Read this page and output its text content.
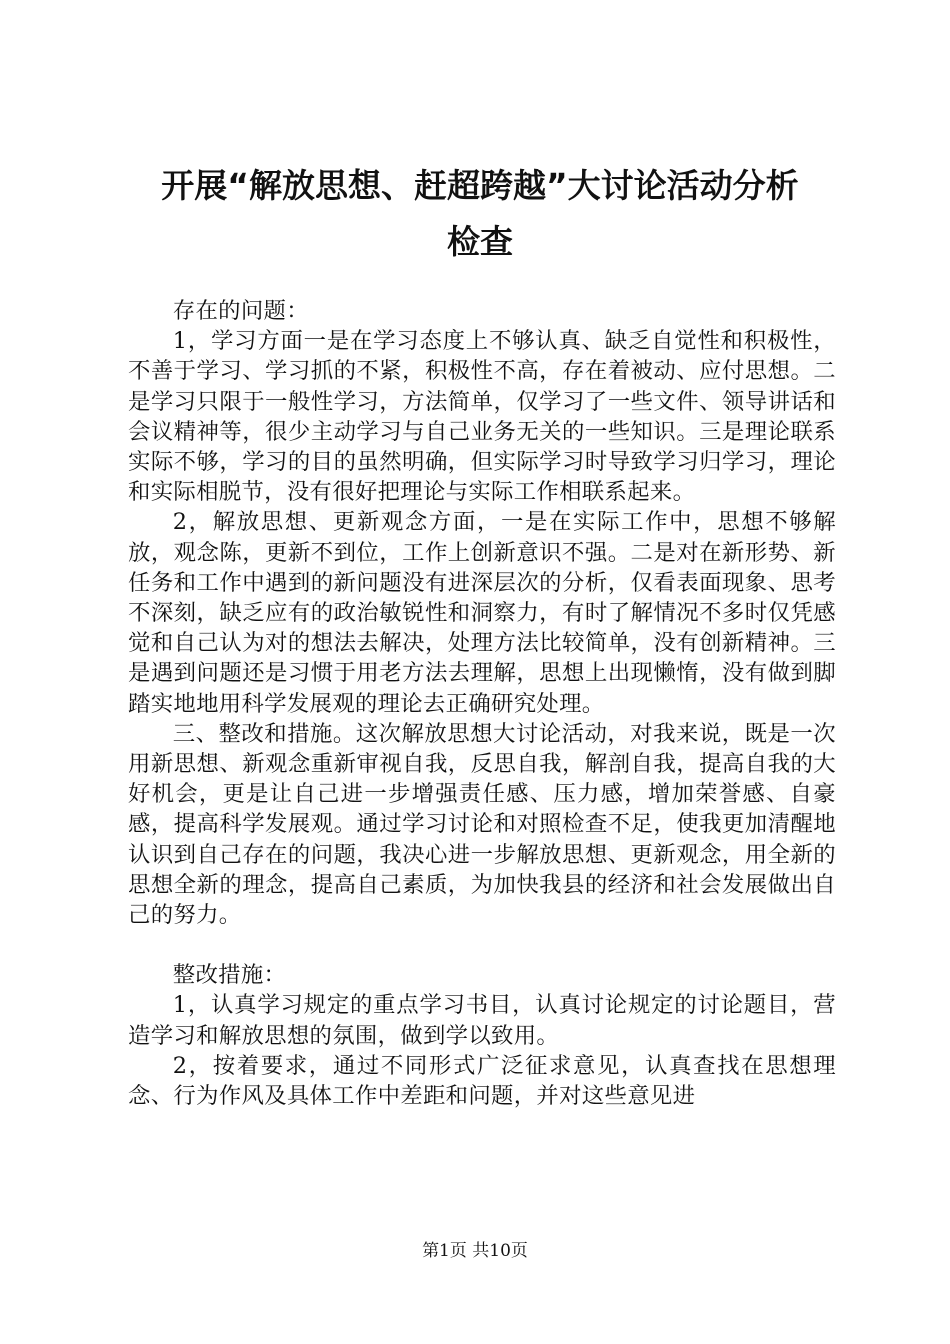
开展“解放思想、赶超跨越”大讨论活动分析
检查

存在的问题：

1，学习方面一是在学习态度上不够认真、缺乏自觉性和积极性，不善于学习、学习抓的不紧，积极性不高，存在着被动、应付思想。二是学习只限于一般性学习，方法简单，仅学习了一些文件、领导讲话和会议精神等，很少主动学习与自己业务无关的一些知识。三是理论联系实际不够，学习的目的虽然明确，但实际学习时导致学习归学习，理论和实际相脱节，没有很好把理论与实际工作相联系起来。

2，解放思想、更新观念方面，一是在实际工作中，思想不够解放，观念陈，更新不到位，工作上创新意识不强。二是对在新形势、新任务和工作中遇到的新问题没有进深层次的分析，仅看表面现象、思考不深刻，缺乏应有的政治敏锐性和洞察力，有时了解情况不多时仅凭感觉和自己认为对的想法去解决，处理方法比较简单，没有创新精神。三是遇到问题还是习惯于用老方法去理解，思想上出现懒惰，没有做到脚踏实地地用科学发展观的理论去正确研究处理。

三、整改和措施。这次解放思想大讨论活动，对我来说，既是一次用新思想、新观念重新审视自我，反思自我，解剖自我，提高自我的大好机会，更是让自己进一步增强责任感、压力感，增加荣誉感、自豪感，提高科学发展观。通过学习讨论和对照检查不足，使我更加清醒地认识到自己存在的问题，我决心进一步解放思想、更新观念，用全新的思想全新的理念，提高自己素质，为加快我县的经济和社会发展做出自己的努力。

整改措施：

1，认真学习规定的重点学习书目，认真讨论规定的讨论题目，营造学习和解放思想的氛围，做到学以致用。

2，按着要求，通过不同形式广泛征求意见，认真查找在思想理念、行为作风及具体工作中差距和问题，并对这些意见进

第1页 共10页
